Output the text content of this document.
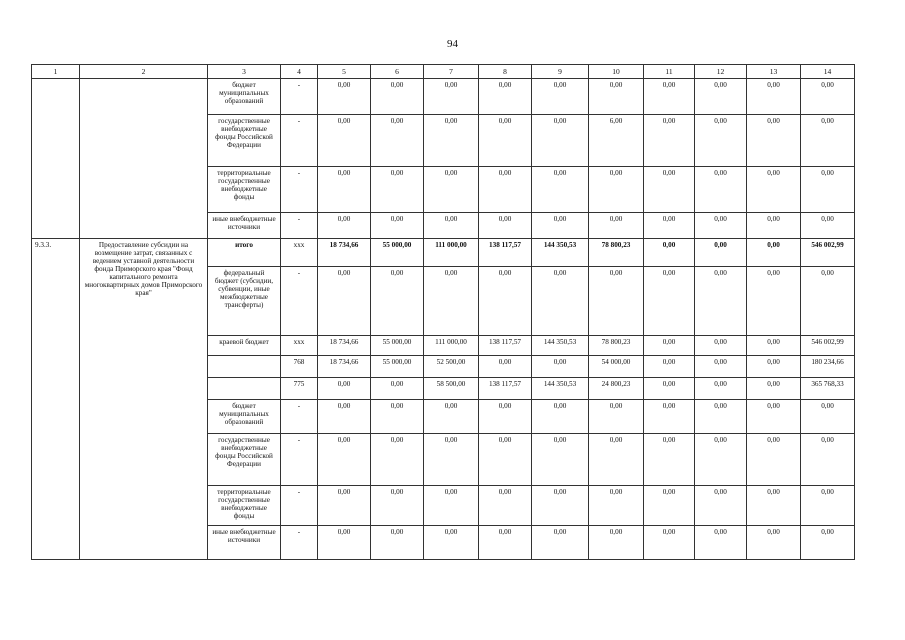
94
1	2	3	4	5	6	7	8	9	10	11	12	13	14
		бюджет муниципальных образований	-	0,00	0,00	0,00	0,00	0,00	0,00	0,00	0,00	0,00	0,00
		государственные внебюджетные фонды Российской Федерации	-	0,00	0,00	0,00	0,00	0,00	6,00	0,00	0,00	0,00	0,00
		территориальные государственные внебюджетные фонды	-	0,00	0,00	0,00	0,00	0,00	0,00	0,00	0,00	0,00	0,00
		иные внебюджетные источники	-	0,00	0,00	0,00	0,00	0,00	0,00	0,00	0,00	0,00	0,00
9.3.3.	Предоставление субсидии на возмещение затрат, связанных с ведением уставной деятельности фонда Приморского края "Фонд капитального ремонта многоквартирных домов Приморского края"	итого	ххх	18 734,66	55 000,00	111 000,00	138 117,57	144 350,53	78 800,23	0,00	0,00	0,00	546 002,99
		федеральный бюджет (субсидии, субвенции, иные межбюджетные трансферты)	-	0,00	0,00	0,00	0,00	0,00	0,00	0,00	0,00	0,00	0,00
		краевой бюджет	ххх	18 734,66	55 000,00	111 000,00	138 117,57	144 350,53	78 800,23	0,00	0,00	0,00	546 002,99
			768	18 734,66	55 000,00	52 500,00	0,00	0,00	54 000,00	0,00	0,00	0,00	180 234,66
			775	0,00	0,00	58 500,00	138 117,57	144 350,53	24 800,23	0,00	0,00	0,00	365 768,33
		бюджет муниципальных образований	-	0,00	0,00	0,00	0,00	0,00	0,00	0,00	0,00	0,00	0,00
		государственные внебюджетные фонды Российской Федерации	-	0,00	0,00	0,00	0,00	0,00	0,00	0,00	0,00	0,00	0,00
		территориальные государственные внебюджетные фонды	-	0,00	0,00	0,00	0,00	0,00	0,00	0,00	0,00	0,00	0,00
		иные внебюджетные источники	-	0,00	0,00	0,00	0,00	0,00	0,00	0,00	0,00	0,00	0,00
